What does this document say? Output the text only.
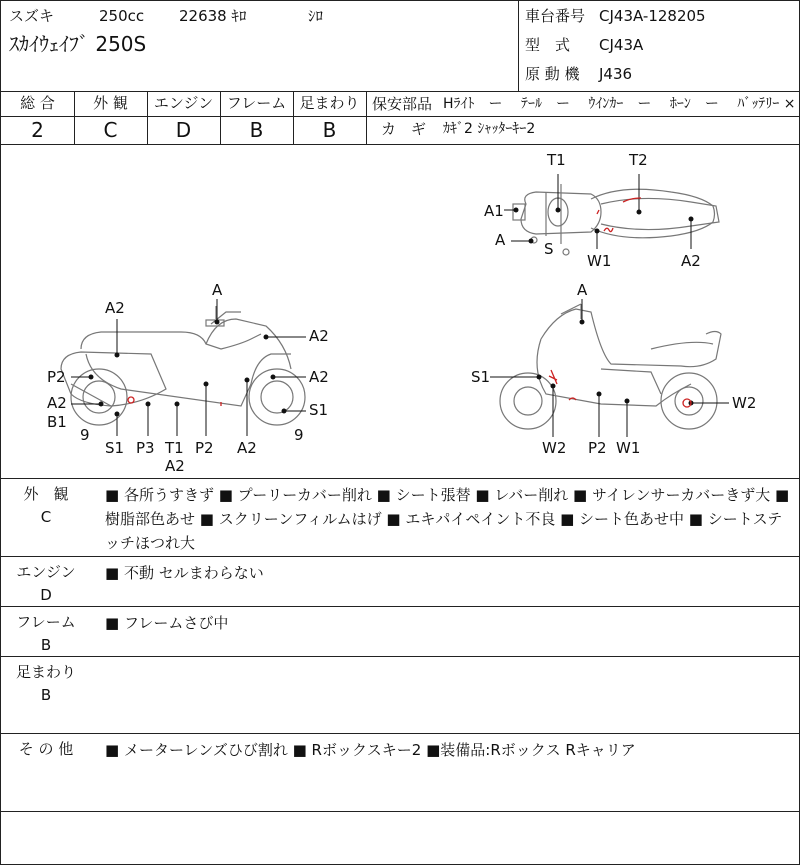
スズキ	250cc 22638 ｷﾛ	ｼﾛ
ｽｶｲｳｪｲﾌﾞ 250S
車台番号 CJ43A-128205
型　式 CJ43A
原 動 機 J436
総 合	外 観	エンジン フレーム 足まわり
2	C	D	B	B
保安部品 Hﾗｲﾄ　ー　 ﾃｰﾙ　ー　 ｳｲﾝｶｰ　ー　 ﾎｰﾝ　ー　 ﾊﾞｯﾃﾘｰ ×
カ　ギ ｶｷﾞ2 ｼｬｯﾀｰｷｰ2
T1	T2
A1
A	S
W1	A2
A
A2
A2
P2	A2
A2
B1
S1
9	9
S1 P3 T1 P2 A2
A2
A
S1
W2
W2 P2 W1
外　観
C
■ 各所うすきず ■ プーリーカバー削れ ■ シート張替 ■ レバー削れ ■ サイレンサーカバーきず大 ■ 樹脂部色あせ ■ スクリーンフィルムはげ ■ エキパイペイント不良 ■ シート色あせ中 ■ シートステッチほつれ大
エンジン
D
■ 不動 セルまわらない
フレーム
B
■ フレームさび中
足まわり
B
そ の 他	■ メーターレンズひび割れ ■ Rボックスキー2 ■装備品:Rボックス Rキャリア
